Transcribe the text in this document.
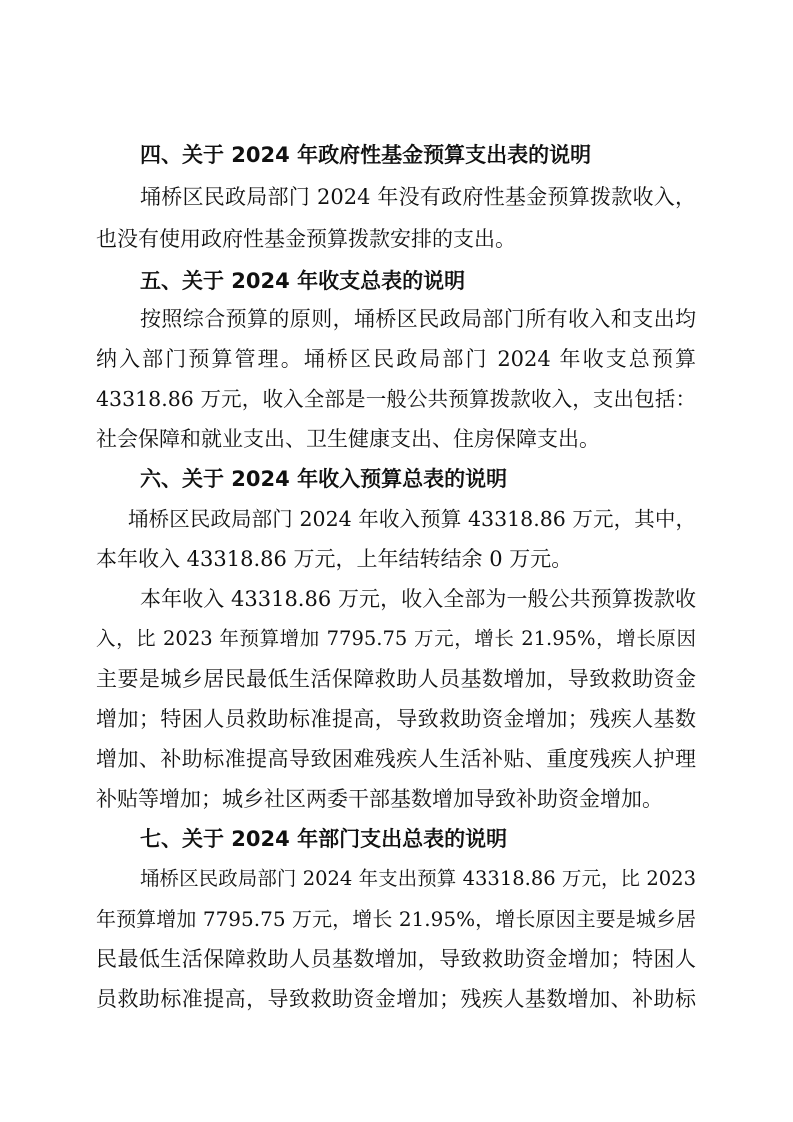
四、关于 2024 年政府性基金预算支出表的说明
埇桥区民政局部门 2024 年没有政府性基金预算拨款收入，
也没有使用政府性基金预算拨款安排的支出。
五、关于 2024 年收支总表的说明
按照综合预算的原则，埇桥区民政局部门所有收入和支出均
纳入部门预算管理。埇桥区民政局部门 2024 年收支总预算
43318.86 万元，收入全部是一般公共预算拨款收入，支出包括：
社会保障和就业支出、卫生健康支出、住房保障支出。
六、关于 2024 年收入预算总表的说明
埇桥区民政局部门 2024 年收入预算 43318.86 万元，其中，
本年收入 43318.86 万元，上年结转结余 0 万元。
本年收入 43318.86 万元，收入全部为一般公共预算拨款收
入，比 2023 年预算增加 7795.75 万元，增长 21.95%，增长原因
主要是城乡居民最低生活保障救助人员基数增加，导致救助资金
增加；特困人员救助标准提高，导致救助资金增加；残疾人基数
增加、补助标准提高导致困难残疾人生活补贴、重度残疾人护理
补贴等增加；城乡社区两委干部基数增加导致补助资金增加。
七、关于 2024 年部门支出总表的说明
埇桥区民政局部门 2024 年支出预算 43318.86 万元，比 2023
年预算增加 7795.75 万元，增长 21.95%，增长原因主要是城乡居
民最低生活保障救助人员基数增加，导致救助资金增加；特困人
员救助标准提高，导致救助资金增加；残疾人基数增加、补助标
